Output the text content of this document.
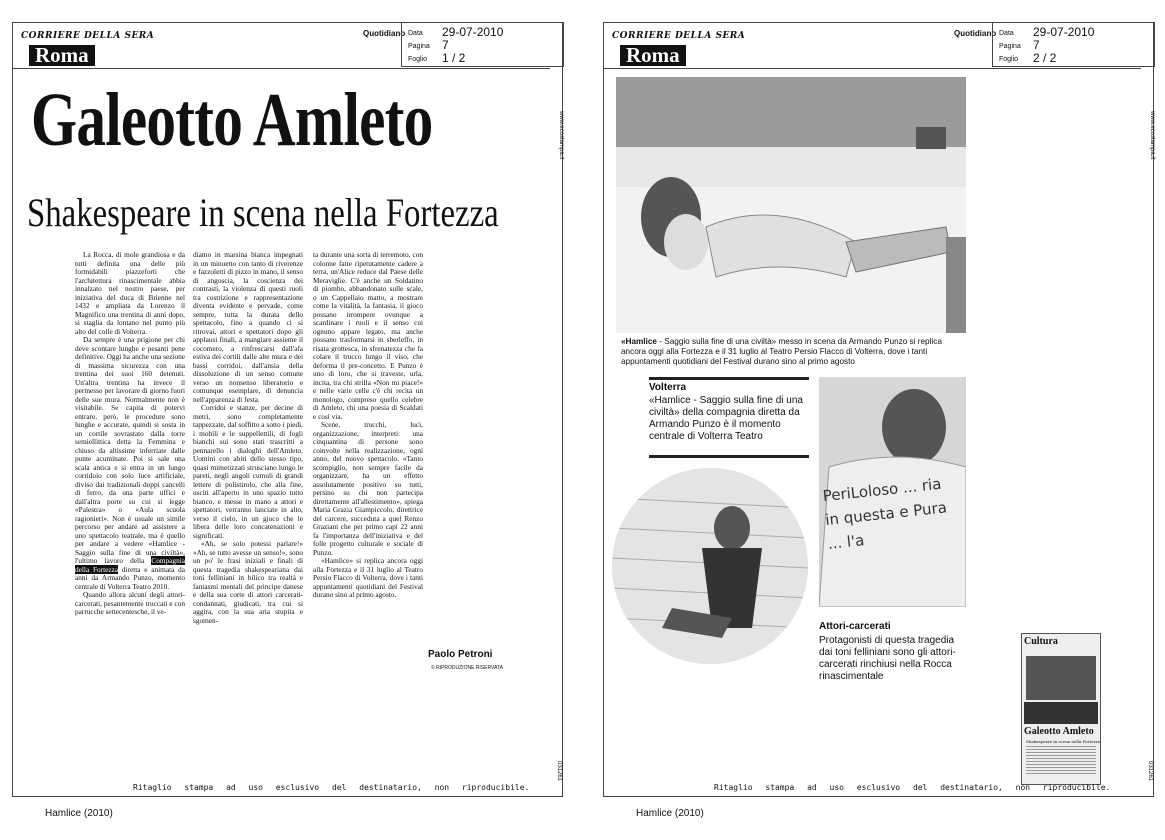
CORRIERE DELLA SERA
Roma
Quotidiano Data 29-07-2010
Pagina 7
Foglio 1 / 2
www.ecostampa.it
031261
Galeotto Amleto
Shakespeare in scena nella Fortezza

La Rocca, di mole grandiosa e da tutti definita una delle più formidabili piazzeforti che l'architettura rinascimentale abbia innalzato nel nostro paese, per iniziativa del duca di Brienne nel 1432 e ampliata da Lorenzo il Magnifico una trentina di anni dopo, si staglia da lontano nel punto più alto del colle di Volterra.

Da sempre è una prigione per chi deve scontare lunghe e pesanti pene definitive. Oggi ha anche una sezione di massima sicurezza con una trentina dei suoi 160 detenuti. Un'altra trentina ha invece il permesso per lavorare di giorno fuori delle sue mura. Normalmente non è visitabile. Se capita di potervi entrare, però, le procedure sono lunghe e accurate, quindi si sosta in un cortile sovrastato dalla torre semiellittica detta la Femmina e chiuso da altissime inferriate dalle punte acuminate. Poi si sale una scala antica e si entra in un lungo corridoio con solo luce artificiale, diviso dai tradizionali doppi cancelli di ferro, da una parte uffici e dall'altra porte su cui si legge «Palestra» o «Aula scuola ragionieri». Non è usuale un simile percorso per andare ad assistere a uno spettacolo teatrale, ma è quello per andare a vedere «Hamlice - Saggio sulla fine di una civiltà», l'ultimo lavoro della Compagnia della Fortezza diretta e animata da anni da Armando Punzo, momento centrale di Volterra Teatro 2010.

Quando allora alcuni degli attori-carcerati, pesantemente truccati e con parrucche settecentesche, il ve-

diamo in marsina bianca impegnati in un minuetto con tanto di riverenze e fazzoletti di pizzo in mano, il senso di angoscia, la coscienza dei contrasti, la violenza di questi ruoli tra costrizione e rappresentazione diventa evidente e pervade, come sempre, tutta la durata dello spettacolo, fino a quando ci si ritrovai, attori e spettatori dopo gli applausi finali, a mangiare assieme il cocomero, a rinfrescarsi dall'afa estiva dei cortili dalle alte mura e dei bassi corridoi, dall'ansia della dissoluzione di un senso comune verso un nonsenso liberatorio e comunque esemplare, di denuncia nell'apparenza di festa.

Corridoi e stanze, per decine di metri, sono completamente tappezzate, dal soffitto a sotto i piedi, i mobili e le suppellettili, di fogli bianchi sui sono stati trascritti a pennarello i dialoghi dell'Amleto. Uomini con abiti dello stesso tipo, quasi mimetizzati strusciano lungo le pareti, negli angoli cumuli di grandi lettere di polistirolo, che alla fine, usciti all'aperto in uno spazio tutto bianco, e messe in mano a attori e spettatori, verranno lanciate in alto, verso il cielo, in un gioco che le libera delle loro concatenazioni e significati.

«Ah, se solo potessi parlare!» «Ah, se tutto avesse un senso!», sono un po' le frasi iniziali e finali di questa tragedia shakespeariana dai toni felliniani in bilico tra realtà e fantasmi mentali del principe danese e della sua corte di attori carcerati-condannati, giudicati, tra cui si aggira, con la sua aria stupita e sgomen-

ta durante una sorta di terremoto, con colonne fatte ripetutamente cadere a terra, un'Alice reduce dal Paese delle Meraviglie. C'è anche un Soldatino di piombo, abbandonato sulle scale, o un Cappellaio matto, a mostrare come la vitalità, la fantasia, il gioco possano irrompere ovunque a scardinare i ruoli e il senso cui ognuno appare legato, ma anche possano trasformarsi in sberleffo, in risata grottesca, in sfrenatezza che fa colare il trucco lungo il viso, che deforma il pre-concetto. E Punzo è uno di loro, che si traveste, urla, incita, tra chi strilla «Non mi piace!» e nelle varie celle c'è chi recita un monologo, compreso quello celebre di Amleto, chi una poesia di Scaldati e così via.

Scene, trucchi, luci, organizzazione, interpreti: una cinquantina di persone sono coinvolte nella realizzazione, ogni anno, del nuovo spettacolo. «Tanto scompiglio, non sempre facile da organizzare, ha un effetto assolutamente positivo su tutti, persino su chi non partecipa direttamente all'allestimento», spiega Maria Grazia Giampiccolo, direttrice del carcere, succeduta a quel Renzo Graziani che per primo capì 22 anni fa l'importanza dell'iniziativa e del folle progetto culturale e sociale di Punzo.

«Hamlice» si replica ancora oggi alla Fortezza e il 31 luglio al Teatro Persio Flacco di Volterra, dove i tanti appuntamenti quotidiani del Festival durano sino al primo agosto.

Paolo Petroni
© RIPRODUZIONE RISERVATA
Ritaglio stampa ad uso esclusivo del destinatario, non riproducibile.
CORRIERE DELLA SERA
Roma
Quotidiano Data 29-07-2010
Pagina 7
Foglio 2 / 2
www.ecostampa.it
031261
«Hamlice - Saggio sulla fine di una civiltà» messo in scena da Armando Punzo si replica ancora oggi alla Fortezza e il 31 luglio al Teatro Persio Flacco di Volterra, dove i tanti appuntamenti quotidiani del Festival durano sino al primo agosto
Volterra
«Hamlice - Saggio sulla fine di una civiltà» della compagnia diretta da Armando Punzo è il momento centrale di Volterra Teatro
PeriLoloso ... ria in questa e Pura ... l'a
Attori-carcerati
Protagonisti di questa tragedia dai toni felliniani sono gli attori-carcerati rinchiusi nella Rocca rinascimentale
Cultura
Galeotto Amleto
Shakespeare in scena nella Fortezza
Ritaglio stampa ad uso esclusivo del destinatario, non riproducibile.
Hamlice (2010)	Hamlice (2010)
